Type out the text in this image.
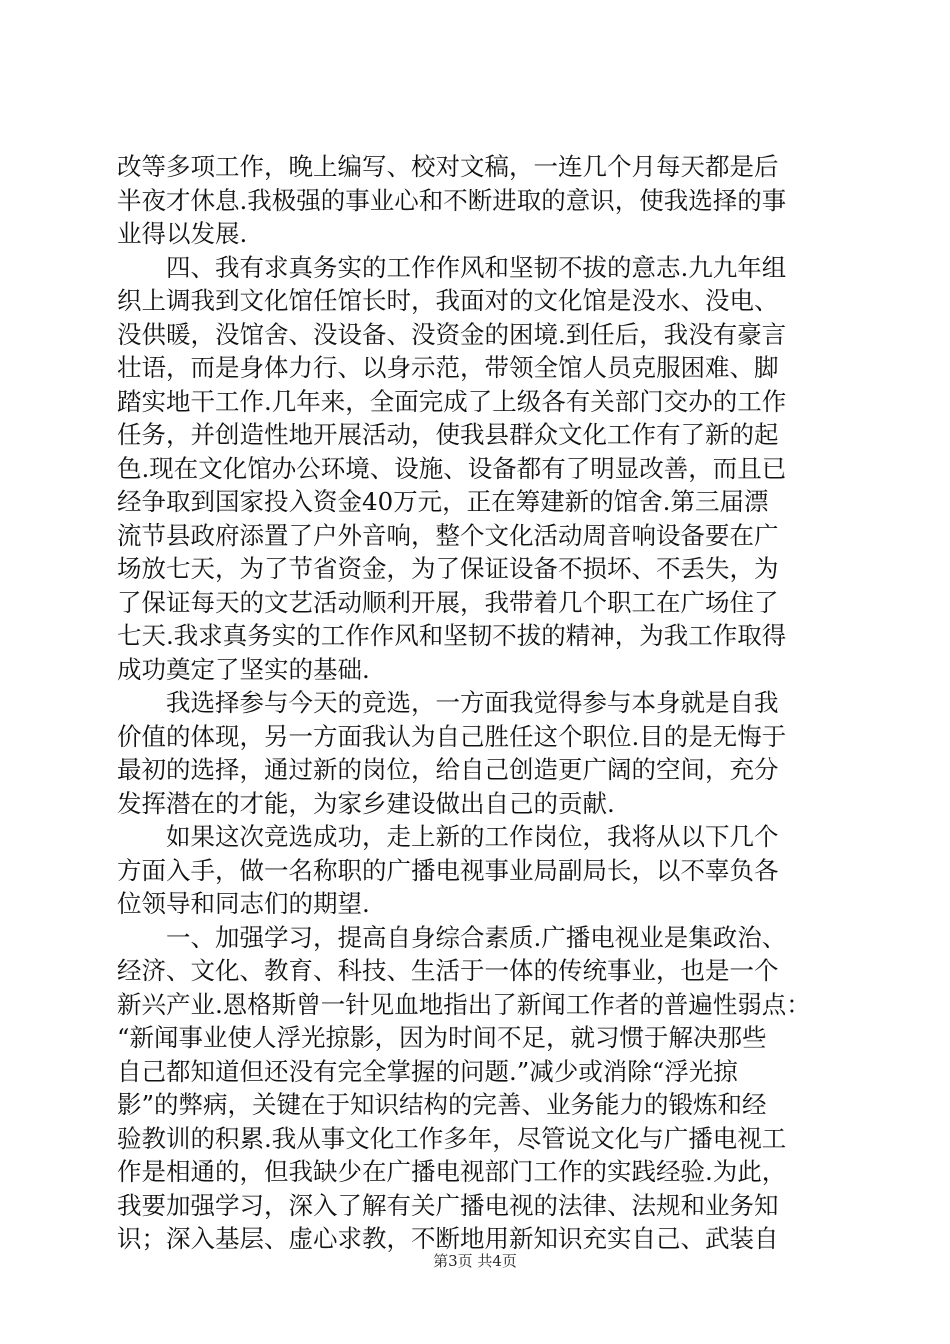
改等多项工作，晚上编写、校对文稿，一连几个月每天都是后
半夜才休息.我极强的事业心和不断进取的意识，使我选择的事
业得以发展.
　　四、我有求真务实的工作作风和坚韧不拔的意志.九九年组
织上调我到文化馆任馆长时，我面对的文化馆是没水、没电、
没供暖，没馆舍、没设备、没资金的困境.到任后，我没有豪言
壮语，而是身体力行、以身示范，带领全馆人员克服困难、脚
踏实地干工作.几年来，全面完成了上级各有关部门交办的工作
任务，并创造性地开展活动，使我县群众文化工作有了新的起
色.现在文化馆办公环境、设施、设备都有了明显改善，而且已
经争取到国家投入资金40万元，正在筹建新的馆舍.第三届漂
流节县政府添置了户外音响，整个文化活动周音响设备要在广
场放七天，为了节省资金，为了保证设备不损坏、不丢失，为
了保证每天的文艺活动顺利开展，我带着几个职工在广场住了
七天.我求真务实的工作作风和坚韧不拔的精神，为我工作取得
成功奠定了坚实的基础.
　　我选择参与今天的竞选，一方面我觉得参与本身就是自我
价值的体现，另一方面我认为自己胜任这个职位.目的是无悔于
最初的选择，通过新的岗位，给自己创造更广阔的空间，充分
发挥潜在的才能，为家乡建设做出自己的贡献.
　　如果这次竞选成功，走上新的工作岗位，我将从以下几个
方面入手，做一名称职的广播电视事业局副局长，以不辜负各
位领导和同志们的期望.
　　一、加强学习，提高自身综合素质.广播电视业是集政治、
经济、文化、教育、科技、生活于一体的传统事业，也是一个
新兴产业.恩格斯曾一针见血地指出了新闻工作者的普遍性弱点：
“新闻事业使人浮光掠影，因为时间不足，就习惯于解决那些
自己都知道但还没有完全掌握的问题.”减少或消除“浮光掠
影”的弊病，关键在于知识结构的完善、业务能力的锻炼和经
验教训的积累.我从事文化工作多年，尽管说文化与广播电视工
作是相通的，但我缺少在广播电视部门工作的实践经验.为此，
我要加强学习，深入了解有关广播电视的法律、法规和业务知
识；深入基层、虚心求教，不断地用新知识充实自己、武装自
第3页 共4页
